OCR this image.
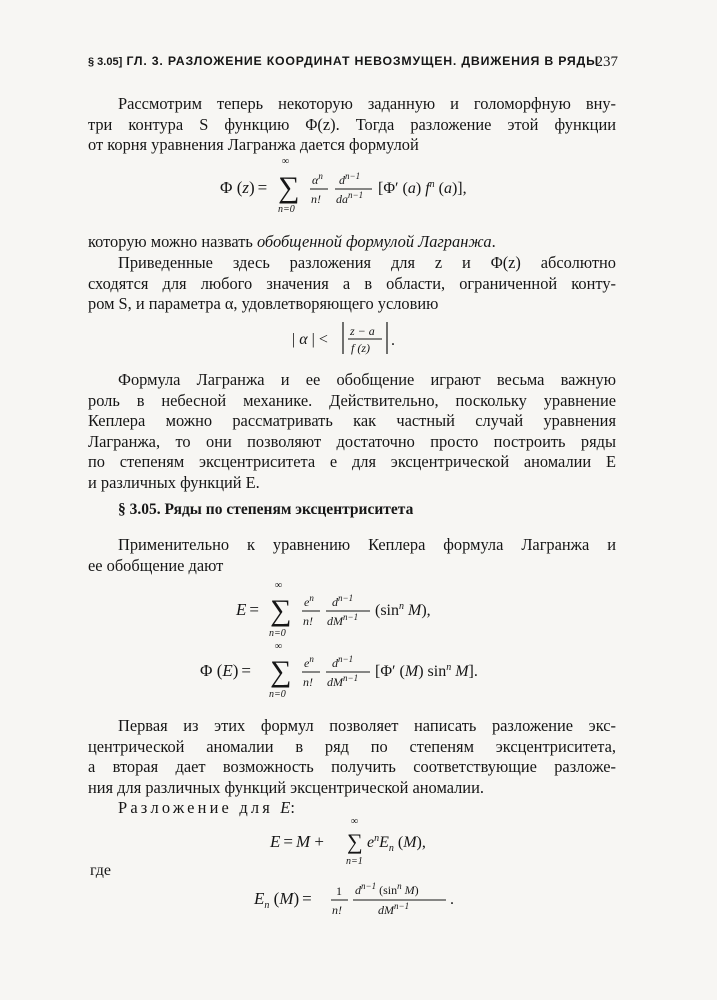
§ 3.05] ГЛ. 3. РАЗЛОЖЕНИЕ КООРДИНАТ НЕВОЗМУЩЕН. ДВИЖЕНИЯ В РЯДЫ
237
Рассмотрим теперь некоторую заданную и голоморфную вну-
три контура S функцию Φ(z). Тогда разложение этой функции
от корня уравнения Лагранжа дается формулой
Φ (z) =
∞
∑
n=0
$\alpha^n$
n!
$d^{n-1}$
$da^{n-1}$ [Φ′ (a) $f^n$ (a)],
которую можно назвать обобщенной формулой Лагранжа.
Приведенные здесь разложения для z и Φ(z) абсолютно
сходятся для любого значения a в области, ограниченной конту-
ром S, и параметра α, удовлетворяющего условию
| α | < z − a
f (z) .
Формула Лагранжа и ее обобщение играют весьма важную
роль в небесной механике. Действительно, поскольку уравнение
Кеплера можно рассматривать как частный случай уравнения
Лагранжа, то они позволяют достаточно просто построить ряды
по степеням эксцентриситета e для эксцентрической аномалии E
и различных функций E.
§ 3.05. Ряды по степеням эксцентриситета
Применительно к уравнению Кеплера формула Лагранжа и
ее обобщение дают
E =
∞
∑
n=0
$e^n$
n!
$d^{n-1}$
$dM^{n-1}$ ($\sin^n$ M),
Φ (E) =
∞
∑
n=0
$e^n$
n!
$d^{n-1}$
$dM^{n-1}$ [Φ′ (M) $\sin^n M$].
Первая из этих формул позволяет написать разложение экс-
центрической аномалии в ряд по степеням эксцентриситета,
а вторая дает возможность получить соответствующие разложе-
ния для различных функций эксцентрической аномалии.
Разложение для E:
E = M +
∞
∑
n=1
$e^nE_n$ (M),
где
$E_n$ (M) = 1
n!
$d^{n-1}$ ($\sin^n$ M)
$dM^{n-1}$	.
